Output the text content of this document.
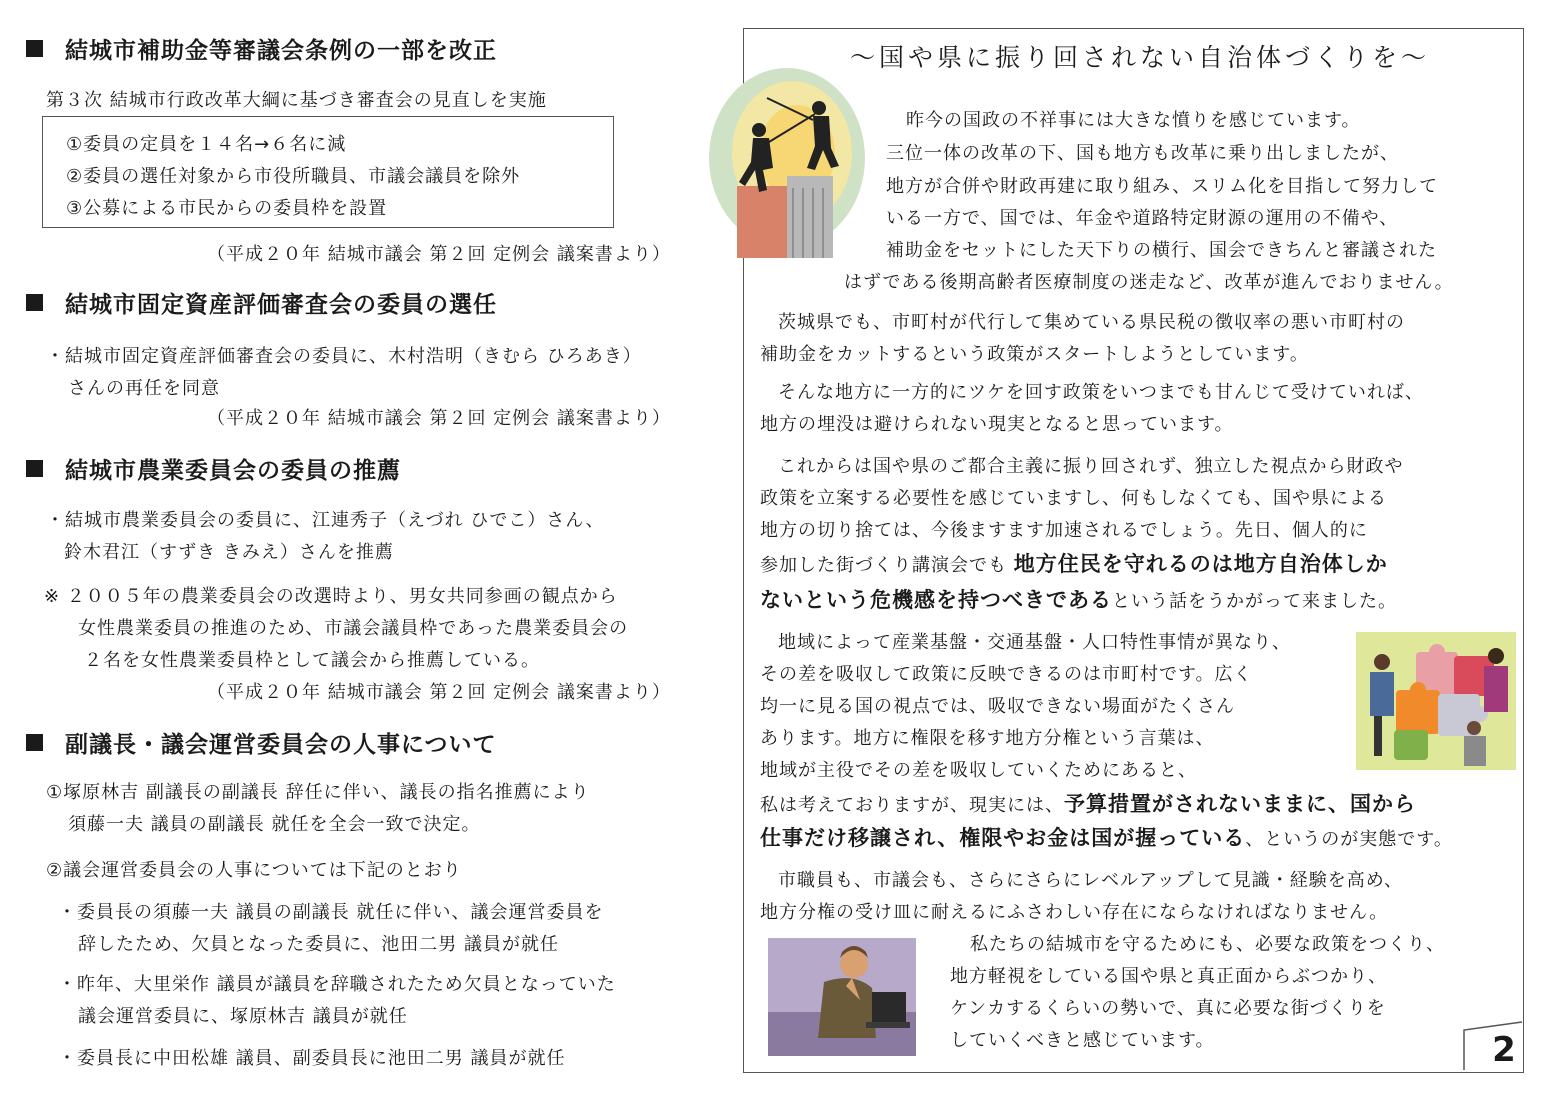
結城市補助金等審議会条例の一部を改正
第３次 結城市行政改革大綱に基づき審査会の見直しを実施
①委員の定員を１４名→６名に減
②委員の選任対象から市役所職員、市議会議員を除外
③公募による市民からの委員枠を設置
（平成２０年 結城市議会 第２回 定例会 議案書より）
結城市固定資産評価審査会の委員の選任
・結城市固定資産評価審査会の委員に、木村浩明（きむら ひろあき）
さんの再任を同意
（平成２０年 結城市議会 第２回 定例会 議案書より）
結城市農業委員会の委員の推薦
・結城市農業委員会の委員に、江連秀子（えづれ ひでこ）さん、
鈴木君江（すずき きみえ）さんを推薦
※ ２００５年の農業委員会の改選時より、男女共同参画の観点から
女性農業委員の推進のため、市議会議員枠であった農業委員会の
２名を女性農業委員枠として議会から推薦している。
（平成２０年 結城市議会 第２回 定例会 議案書より）
副議長・議会運営委員会の人事について
①塚原林吉 副議長の副議長 辞任に伴い、議長の指名推薦により
須藤一夫 議員の副議長 就任を全会一致で決定。
②議会運営委員会の人事については下記のとおり
・委員長の須藤一夫 議員の副議長 就任に伴い、議会運営委員を
辞したため、欠員となった委員に、池田二男 議員が就任
・昨年、大里栄作 議員が議員を辞職されたため欠員となっていた
議会運営委員に、塚原林吉 議員が就任
・委員長に中田松雄 議員、副委員長に池田二男 議員が就任
～国や県に振り回されない自治体づくりを～
昨今の国政の不祥事には大きな憤りを感じています。
三位一体の改革の下、国も地方も改革に乗り出しましたが、
地方が合併や財政再建に取り組み、スリム化を目指して努力して
いる一方で、国では、年金や道路特定財源の運用の不備や、
補助金をセットにした天下りの横行、国会できちんと審議された
はずである後期高齢者医療制度の迷走など、改革が進んでおりません。
茨城県でも、市町村が代行して集めている県民税の徴収率の悪い市町村の
補助金をカットするという政策がスタートしようとしています。
そんな地方に一方的にツケを回す政策をいつまでも甘んじて受けていれば、
地方の埋没は避けられない現実となると思っています。
これからは国や県のご都合主義に振り回されず、独立した視点から財政や
政策を立案する必要性を感じていますし、何もしなくても、国や県による
地方の切り捨ては、今後ますます加速されるでしょう。先日、個人的に
参加した街づくり講演会でも 地方住民を守れるのは地方自治体しか
ないという危機感を持つべきであるという話をうかがって来ました。
地域によって産業基盤・交通基盤・人口特性事情が異なり、
その差を吸収して政策に反映できるのは市町村です。広く
均一に見る国の視点では、吸収できない場面がたくさん
あります。地方に権限を移す地方分権という言葉は、
地域が主役でその差を吸収していくためにあると、
私は考えておりますが、現実には、予算措置がされないままに、国から
仕事だけ移譲され、権限やお金は国が握っている、というのが実態です。
市職員も、市議会も、さらにさらにレベルアップして見識・経験を高め、
地方分権の受け皿に耐えるにふさわしい存在にならなければなりません。
私たちの結城市を守るためにも、必要な政策をつくり、
地方軽視をしている国や県と真正面からぶつかり、
ケンカするくらいの勢いで、真に必要な街づくりを
していくべきと感じています。	2
